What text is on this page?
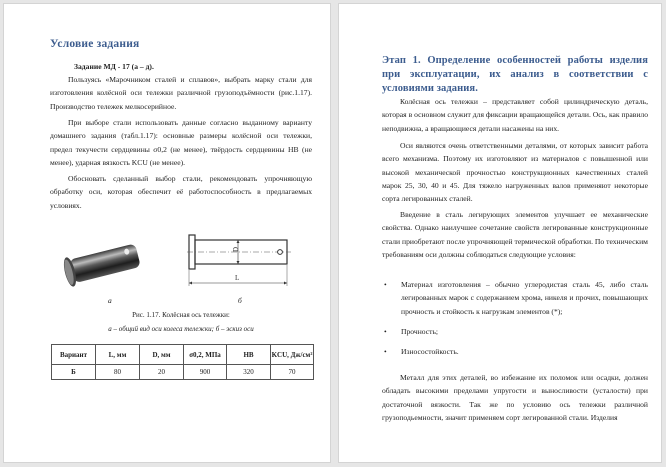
Условие задания
Задание МД - 17 (а – д).
Пользуясь «Марочником сталей и сплавов», выбрать марку стали для изготовления колёсной оси тележки различной грузоподъёмности (рис.1.17). Производство тележек мелкосерийное.
При выборе стали использовать данные согласно выданному варианту домашнего задания (табл.1.17): основные размеры колёсной оси тележки, предел текучести сердцевины σ0,2 (не менее), твёрдость сердцевины НВ (не менее), ударная вязкость KCU (не менее).
Обосновать сделанный выбор стали, рекомендовать упрочняющую обработку оси, которая обеспечит её работоспособность в предлагаемых условиях.
D
L
а	б
Рис. 1.17. Колёсная ось тележки:
а – общий вид оси колеса тележки; б – эскиз оси
Вариант	L, мм	D, мм	σ0,2, МПа	НВ	KCU, Дж/см²
Б	80	20	900	320	70
Этап 1. Определение особенностей работы изделия при эксплуатации, их анализ в соответствии с условиями задания.
Колёсная ось тележки – представляет собой цилиндрическую деталь, которая в основном служит для фиксации вращающейся детали. Ось, как правило неподвижна, а вращающиеся детали насажены на них.
Оси являются очень ответственными деталями, от которых зависит работа всего механизма. Поэтому их изготовляют из материалов с повышенной или высокой механической прочностью конструкционных качественных сталей марок 25, 30, 40 и 45. Для тяжело нагруженных валов применяют некоторые сорта легированных сталей.
Введение в сталь легирующих элементов улучшает ее механические свойства. Однако наилучшее сочетание свойств легированные конструкционные стали приобретают после упрочняющей термической обработки. По техническим требованиям оси должны соблюдаться следующие условия:
• Материал изготовления – обычно углеродистая сталь 45, либо сталь легированных марок с содержанием хрома, никеля и прочих, повышающих прочность и стойкость к нагрузкам элементов (*);
• Прочность;
• Износостойкость.
Металл для этих деталей, во избежание их поломок или осадки, должен обладать высокими пределами упругости и выносливости (усталости) при достаточной вязкости. Так же по условию ось тележки различной грузоподьемности, значит применяем сорт легированной стали. Изделия
